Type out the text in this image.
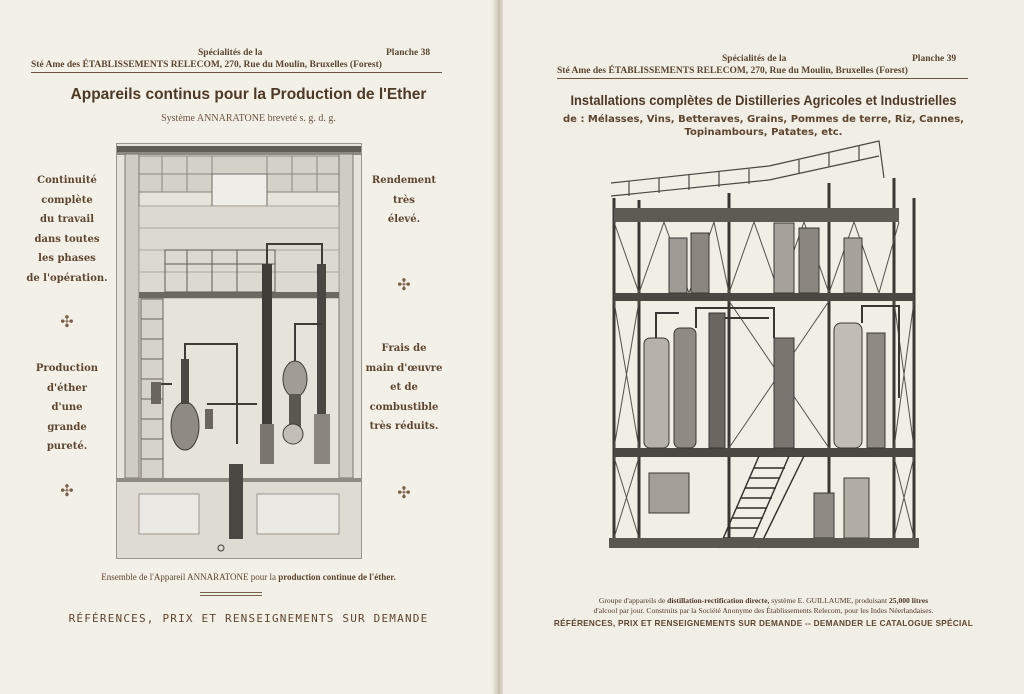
Spécialités de la	Planche 38
Sté Ame des ÉTABLISSEMENTS RELECOM, 270, Rue du Moulin, Bruxelles (Forest)
Appareils continus pour la Production de l'Ether
Système ANNARATONE breveté s. g. d. g.
Continuité
complète
du travail
dans toutes
les phases
de l'opération.
✣
Production
d'éther
d'une
grande
pureté.
✣
Rendement
très
élevé.
✣
Frais de
main d'œuvre
et de
combustible
très réduits.
✣
Ensemble de l'Appareil ANNARATONE pour la production continue de l'éther.
RÉFÉRENCES, PRIX ET RENSEIGNEMENTS SUR DEMANDE
Spécialités de la	Planche 39
Sté Ame des ÉTABLISSEMENTS RELECOM, 270, Rue du Moulin, Bruxelles (Forest)
Installations complètes de Distilleries Agricoles et Industrielles
de : Mélasses, Vins, Betteraves, Grains, Pommes de terre, Riz, Cannes,
Topinambours, Patates, etc.
Groupe d'appareils de distillation-rectification directe, système E. GUILLAUME, produisant 25,000 litres
d'alcool par jour. Construits par la Société Anonyme des Établissements Relecom, pour les Indes Néerlandaises.
RÉFÉRENCES, PRIX ET RENSEIGNEMENTS SUR DEMANDE -- DEMANDER LE CATALOGUE SPÉCIAL
